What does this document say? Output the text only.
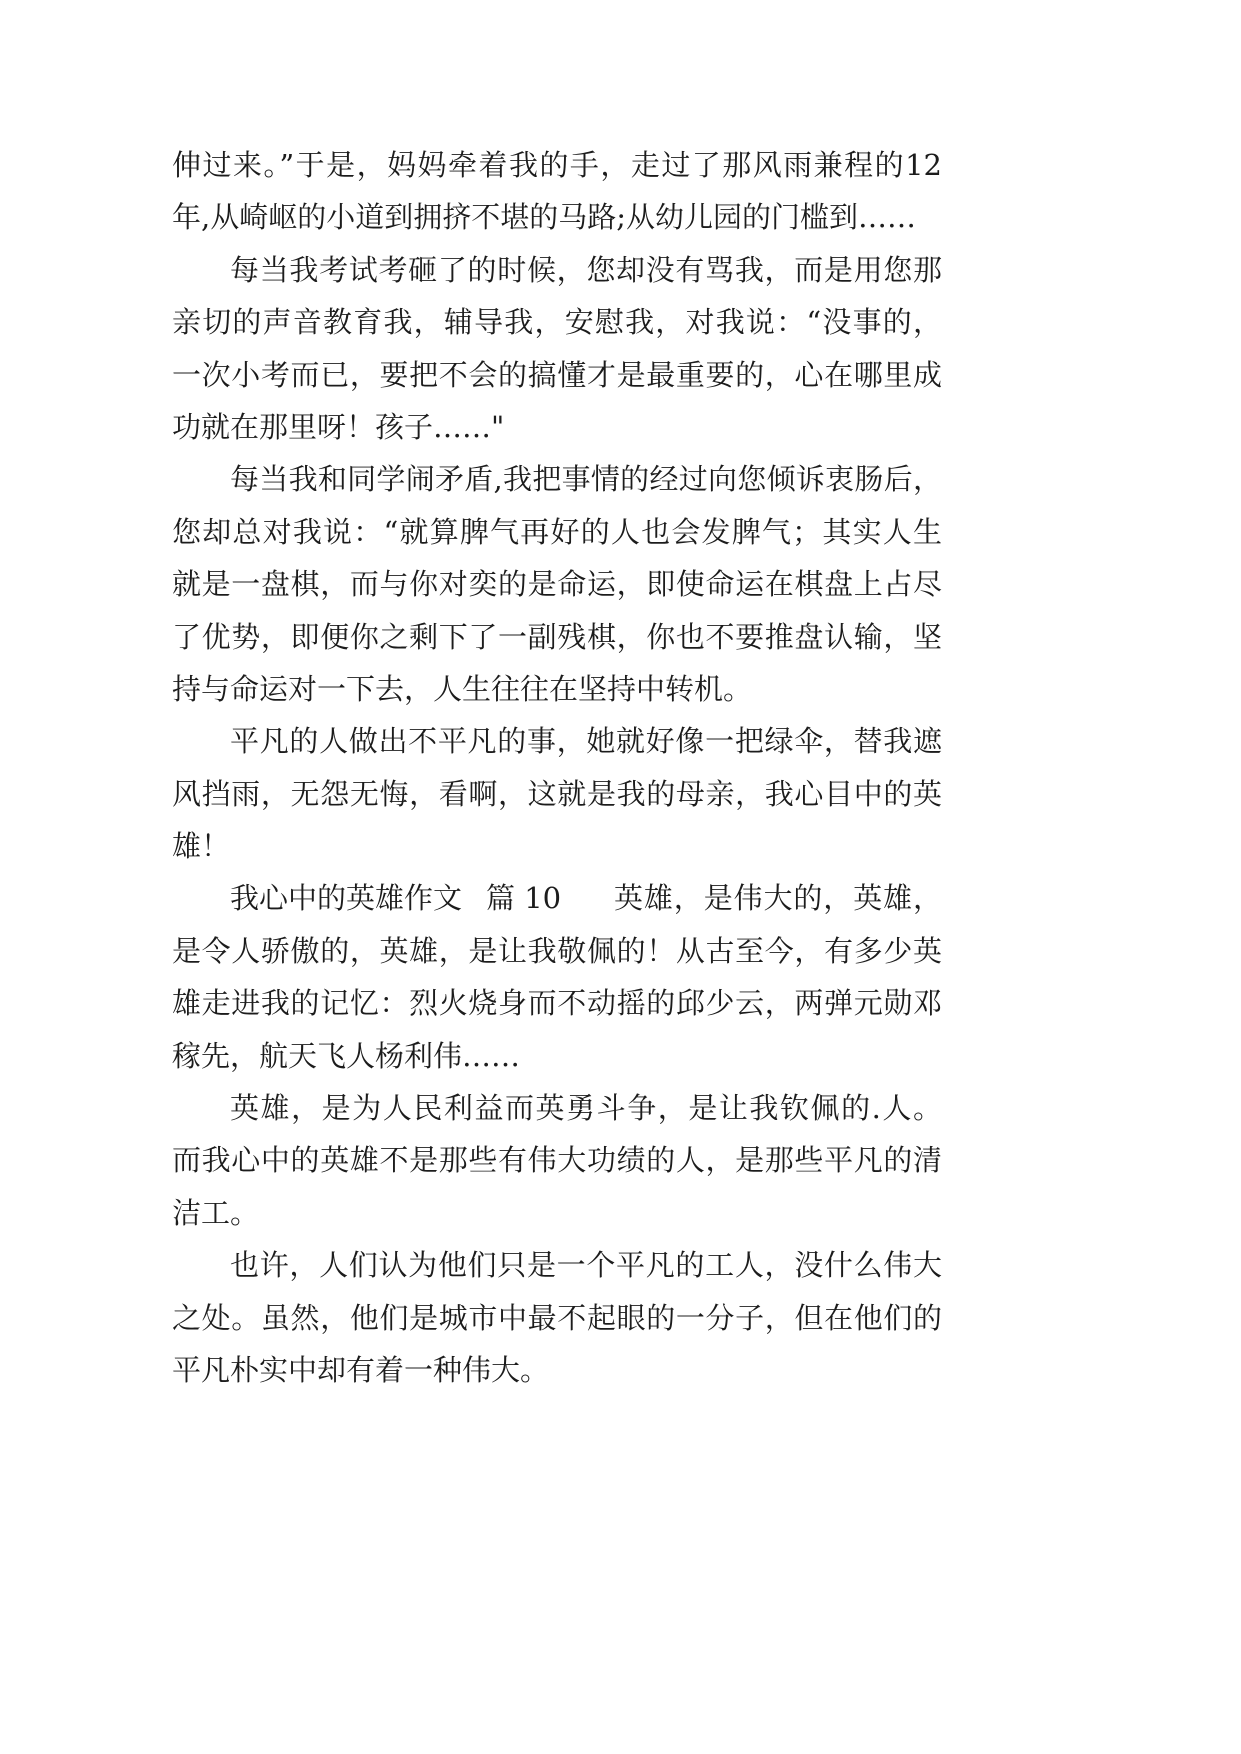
伸过来。”于是，妈妈牵着我的手，走过了那风雨兼程的12
年,从崎岖的小道到拥挤不堪的马路;从幼儿园的门槛到……
每当我考试考砸了的时候，您却没有骂我，而是用您那
亲切的声音教育我，辅导我，安慰我，对我说：“没事的，
一次小考而已，要把不会的搞懂才是最重要的，心在哪里成
功就在那里呀！孩子……"
每当我和同学闹矛盾,我把事情的经过向您倾诉衷肠后，
您却总对我说：“就算脾气再好的人也会发脾气；其实人生
就是一盘棋，而与你对奕的是命运，即使命运在棋盘上占尽
了优势，即便你之剩下了一副残棋，你也不要推盘认输，坚
持与命运对一下去，人生往往在坚持中转机。
平凡的人做出不平凡的事，她就好像一把绿伞，替我遮
风挡雨，无怨无悔，看啊，这就是我的母亲，我心目中的英
雄！
我心中的英雄作文 篇 10 英雄，是伟大的，英雄，
是令人骄傲的，英雄，是让我敬佩的！从古至今，有多少英
雄走进我的记忆：烈火烧身而不动摇的邱少云，两弹元勋邓
稼先，航天飞人杨利伟……
英雄，是为人民利益而英勇斗争，是让我钦佩的.人。
而我心中的英雄不是那些有伟大功绩的人，是那些平凡的清
洁工。
也许，人们认为他们只是一个平凡的工人，没什么伟大
之处。虽然，他们是城市中最不起眼的一分子，但在他们的
平凡朴实中却有着一种伟大。
